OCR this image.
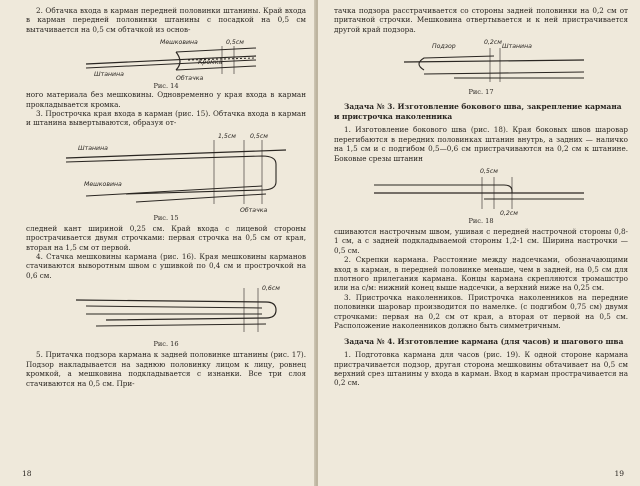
2. Обтачка входа в карман передней половинки штанины. Край входа в карман передней половинки штанины с посадкой на 0,5 см вытачивается на 0,5 см обтачкой из основ-

Мешковина	0,5см
Штанина
Обтачка
Кромка

Рис. 14

ного материала без мешковины. Одновременно у края входа в карман прокладывается кромка.

3. Прострочка края входа в карман (рис. 15). Обтачка входа в карман и штанина вывертываются, образуя от-

Штанина
Мешковина
1,5см 0,5см
Обтачка

Рис. 15

следней кант шириной 0,25 см. Край входа с лицевой стороны прострачивается двумя строчками: первая строчка на 0,5 см от края, вторая на 1,5 см от первой.

4. Стачка мешковины кармана (рис. 16). Края мешковины карманов стачиваются выворотным швом с ушивкой по 0,4 см и прострочкой на 0,6 см.

0,6см

Рис. 16

5. Притачка подзора кармана к задней половинке штанины (рис. 17). Подзор накладывается на заднюю половинку лицом к лицу, ровнец кромкой, а мешковина подкладывается с изнанки. Все три слоя стачиваются на 0,5 см. При-

18

тачка подзора расстрачивается со стороны задней половинки на 0,2 см от притачной строчки. Мешковина отвертывается и к ней пристрачивается другой край подзора.

Подзор	Штанина
0,2см

Рис. 17

Задача № 3. Изготовление бокового шва, закрепление кармана и пристрочка наколенника

1. Изготовление бокового шва (рис. 18). Края боковых швов шаровар перегибаются в передних половинках штанин внутрь, а задних — наличко на 1,5 см и с подгибом 0,5—0,6 см пристрачиваются на 0,2 см к штанине. Боковые срезы штанин

0,5см
0,2см

Рис. 18

сшиваются настрочным швом, ушивая с передней настрочной стороны 0,8-1 см, а с задней подкладываемой стороны 1,2-1 см. Ширина настрочки — 0,5 см.

2. Скрепки кармана. Расстояние между надсечками, обозначающими вход в карман, в передней половинке меньше, чем в задней, на 0,5 см для плотного прилегания кармана. Концы кармана скрепляются тромашстро или на с/м: нижний конец выше надсечки, а верхний ниже на 0,25 см.

3. Пристрочка наколенников. Пристрочка наколенников на передние половинки шаровар производится по намелке. (с подгибом 0,75 см) двумя строчками: первая на 0,2 см от края, а вторая от первой на 0,5 см. Расположение наколенников должно быть симметричным.

Задача № 4. Изготовление кармана (для часов) и шагового шва

1. Подготовка кармана для часов (рис. 19). К одной стороне кармана пристрачивается подзор, другая сторона мешковины обтачивает на 0,5 см верхний срез штанины у входа в карман. Вход в карман прострачивается на 0,2 см.

19
